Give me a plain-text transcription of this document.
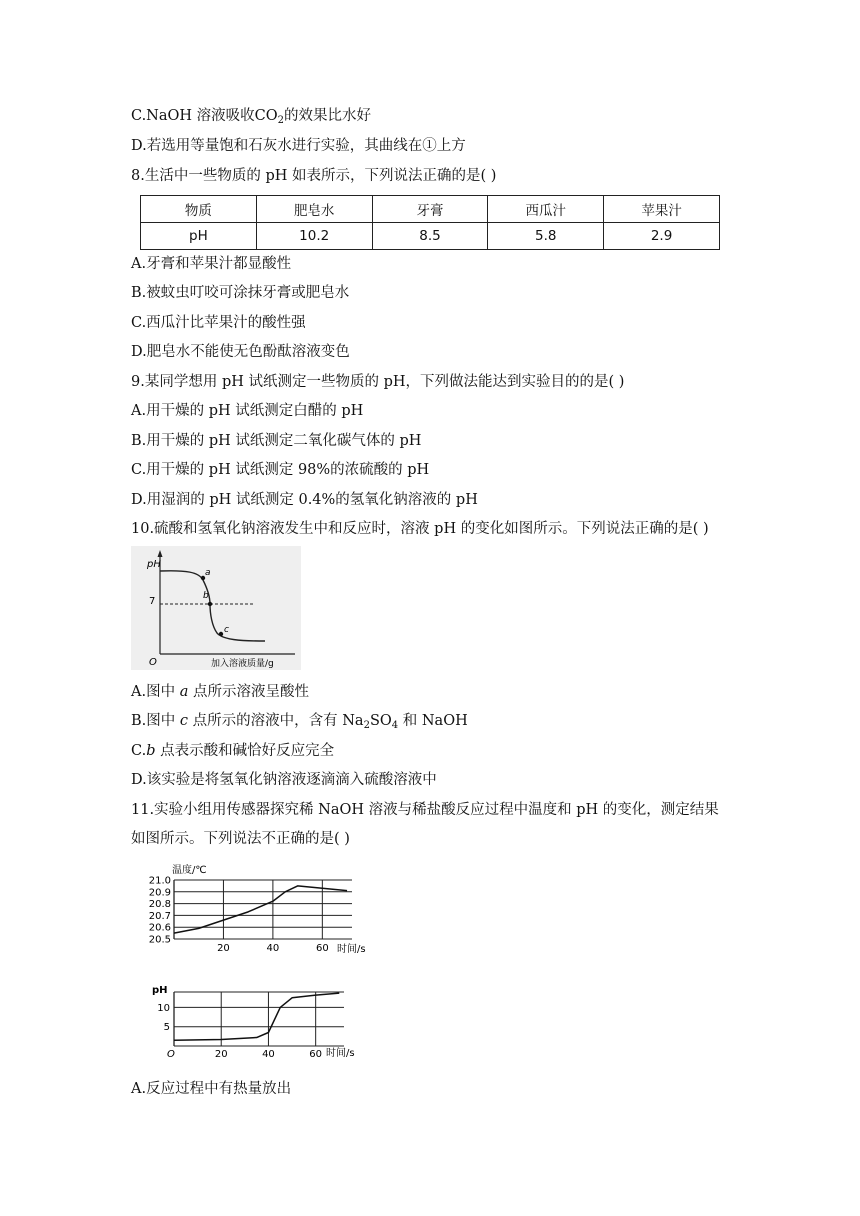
C.NaOH 溶液吸收$CO_2$的效果比水好
D.若选用等量饱和石灰水进行实验，其曲线在①上方
8.生活中一些物质的 pH 如表所示，下列说法正确的是( )
物质	肥皂水	牙膏	西瓜汁	苹果汁
pH	10.2	8.5	5.8	2.9
A.牙膏和苹果汁都显酸性
B.被蚊虫叮咬可涂抹牙膏或肥皂水
C.西瓜汁比苹果汁的酸性强
D.肥皂水不能使无色酚酞溶液变色
9.某同学想用 pH 试纸测定一些物质的 pH，下列做法能达到实验目的的是( )
A.用干燥的 pH 试纸测定白醋的 pH
B.用干燥的 pH 试纸测定二氧化碳气体的 pH
C.用干燥的 pH 试纸测定 98%的浓硫酸的 pH
D.用湿润的 pH 试纸测定 0.4%的氢氧化钠溶液的 pH
10.硫酸和氢氧化钠溶液发生中和反应时，溶液 pH 的变化如图所示。下列说法正确的是( )
pH
7
O	加入溶液质量/g
a
b
c
A.图中 a 点所示溶液呈酸性
B.图中 c 点所示的溶液中，含有 $Na_2SO_4$ 和 NaOH
C.b 点表示酸和碱恰好反应完全
D.该实验是将氢氧化钠溶液逐滴滴入硫酸溶液中
11.实验小组用传感器探究稀 NaOH 溶液与稀盐酸反应过程中温度和 pH 的变化，测定结果
如图所示。下列说法不正确的是( )
温度/℃
时间/s
21.0
20.9
20.8
20.7
20.6
20.5
20	40	60
pH
O	时间/s
10
5
20	40	60
A.反应过程中有热量放出
